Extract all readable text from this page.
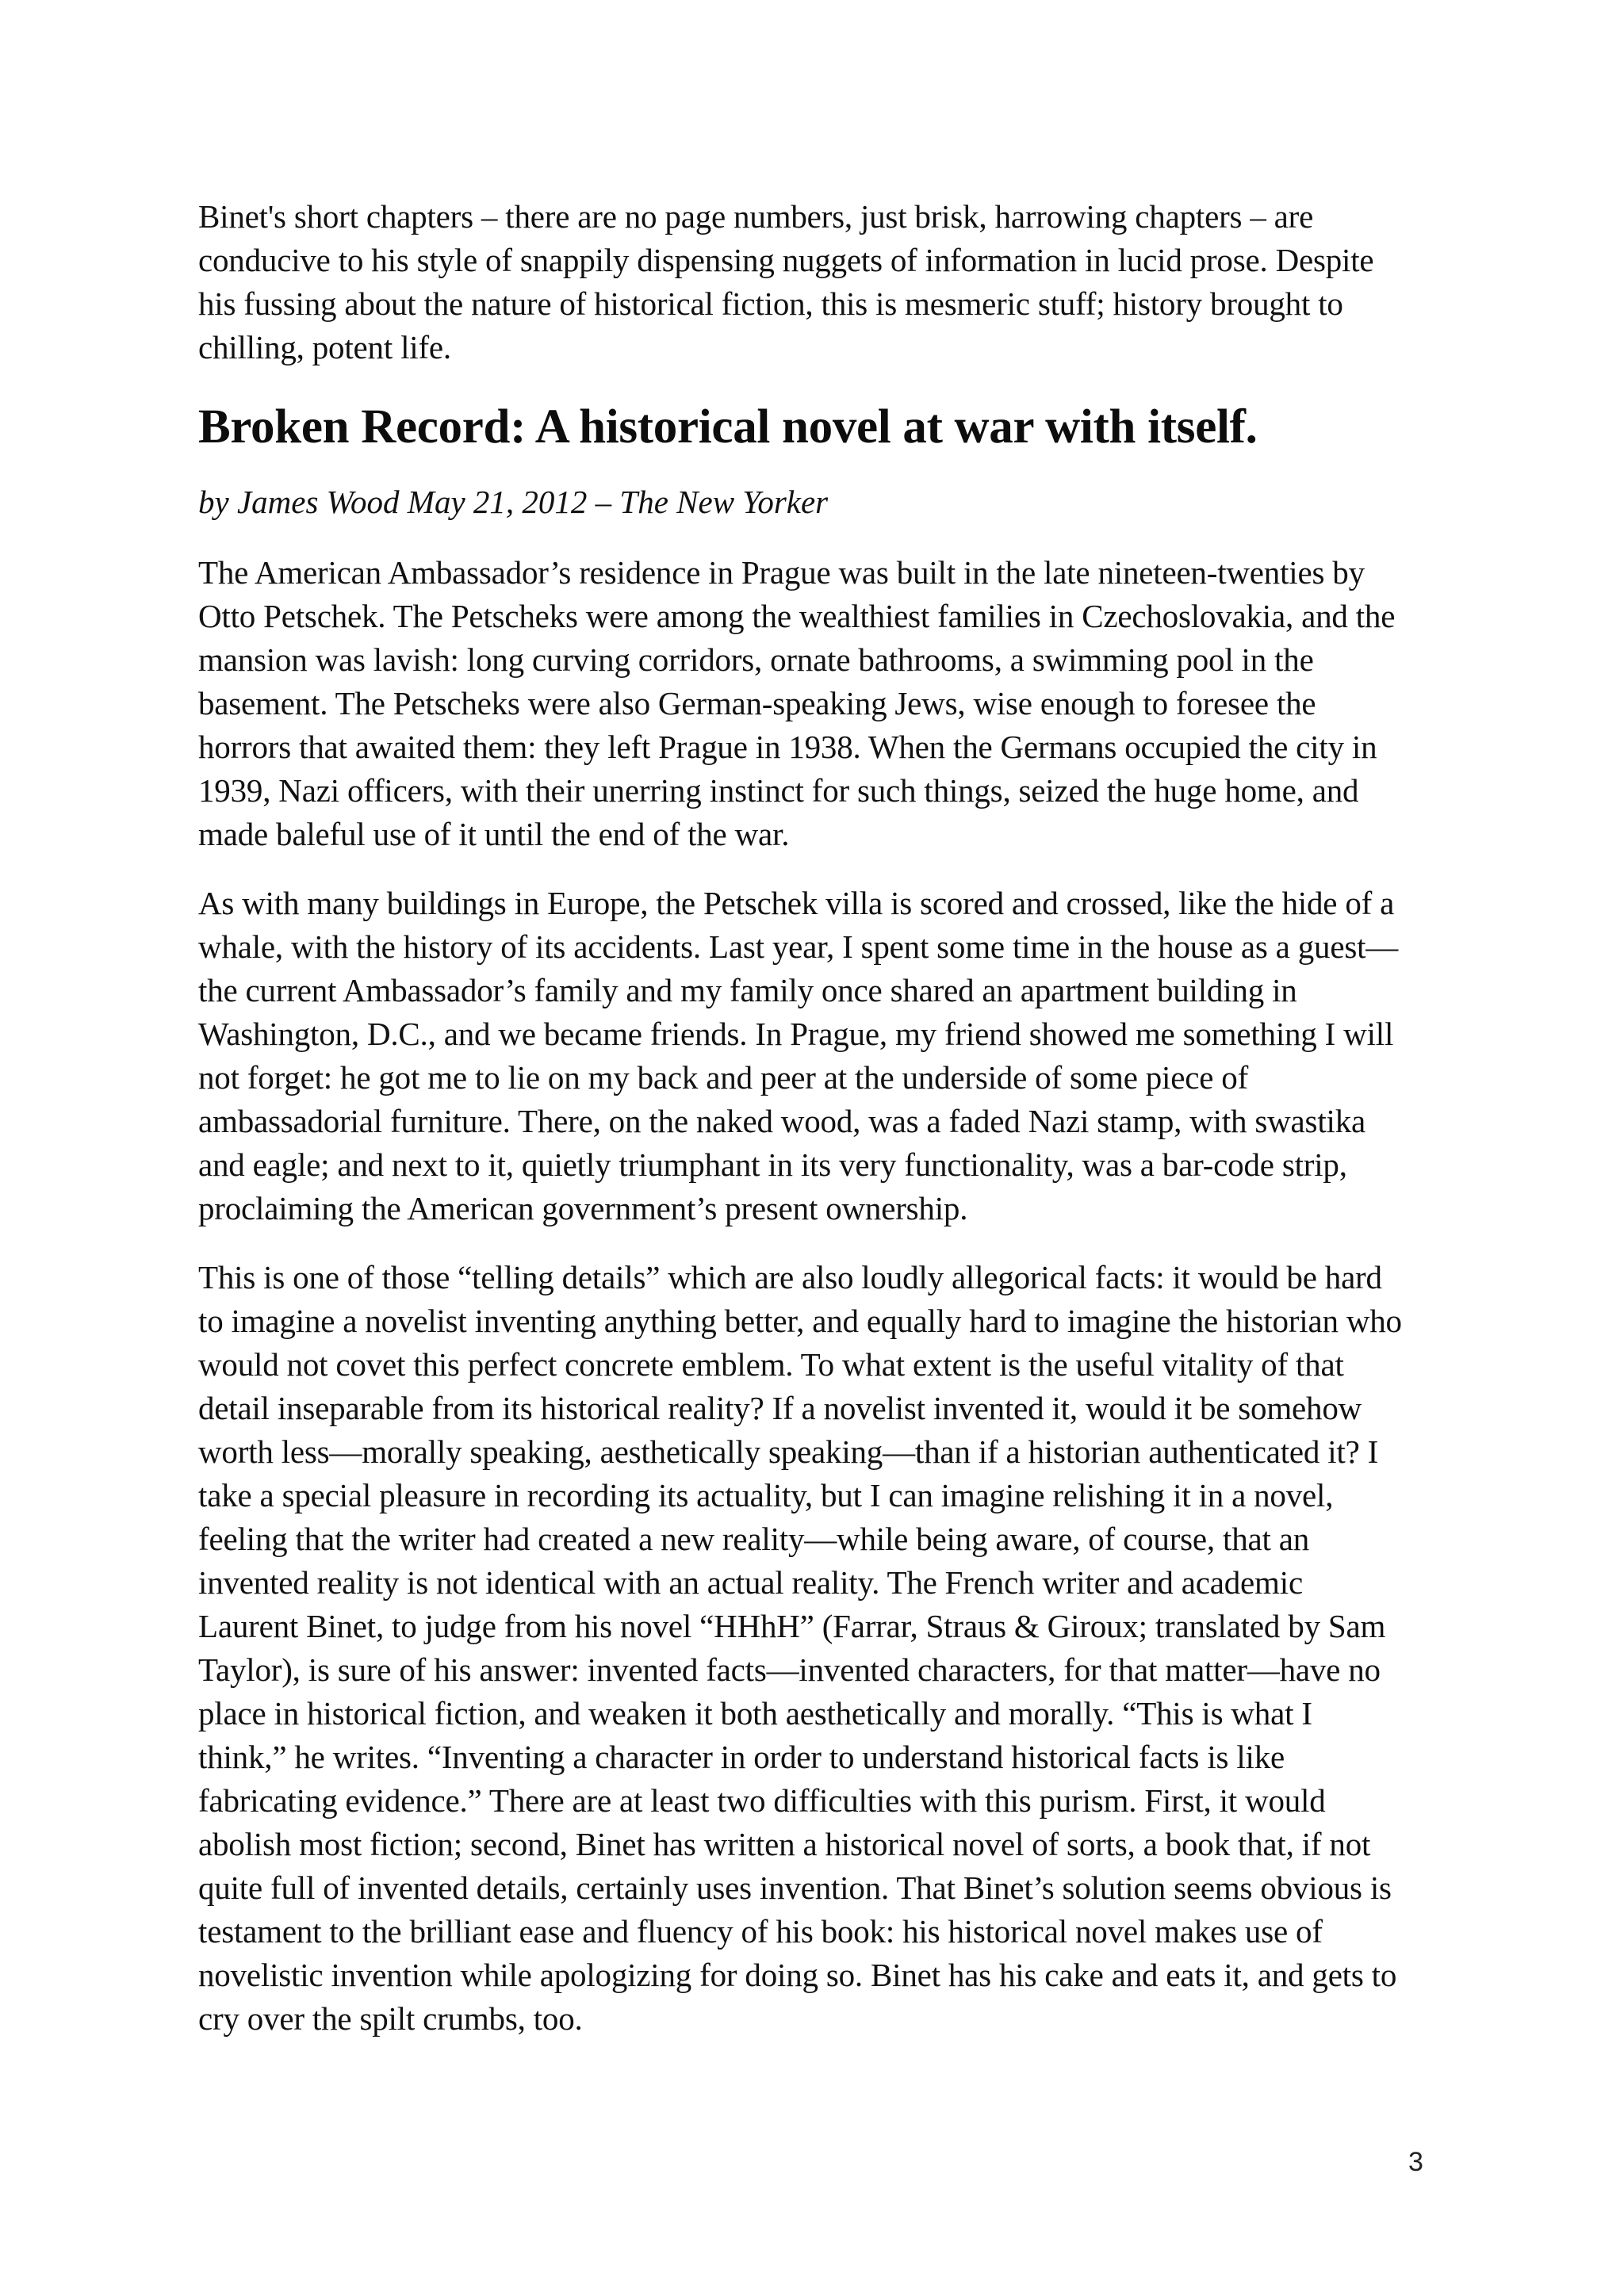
Binet's short chapters – there are no page numbers, just brisk, harrowing chapters – are
conducive to his style of snappily dispensing nuggets of information in lucid prose. Despite
his fussing about the nature of historical fiction, this is mesmeric stuff; history brought to
chilling, potent life.

Broken Record: A historical novel at war with itself.

by James Wood May 21, 2012 – The New Yorker

The American Ambassador’s residence in Prague was built in the late nineteen-twenties by
Otto Petschek. The Petscheks were among the wealthiest families in Czechoslovakia, and the
mansion was lavish: long curving corridors, ornate bathrooms, a swimming pool in the
basement. The Petscheks were also German-speaking Jews, wise enough to foresee the
horrors that awaited them: they left Prague in 1938. When the Germans occupied the city in
1939, Nazi officers, with their unerring instinct for such things, seized the huge home, and
made baleful use of it until the end of the war.

As with many buildings in Europe, the Petschek villa is scored and crossed, like the hide of a
whale, with the history of its accidents. Last year, I spent some time in the house as a guest—
the current Ambassador’s family and my family once shared an apartment building in
Washington, D.C., and we became friends. In Prague, my friend showed me something I will
not forget: he got me to lie on my back and peer at the underside of some piece of
ambassadorial furniture. There, on the naked wood, was a faded Nazi stamp, with swastika
and eagle; and next to it, quietly triumphant in its very functionality, was a bar-code strip,
proclaiming the American government’s present ownership.

This is one of those “telling details” which are also loudly allegorical facts: it would be hard
to imagine a novelist inventing anything better, and equally hard to imagine the historian who
would not covet this perfect concrete emblem. To what extent is the useful vitality of that
detail inseparable from its historical reality? If a novelist invented it, would it be somehow
worth less—morally speaking, aesthetically speaking—than if a historian authenticated it? I
take a special pleasure in recording its actuality, but I can imagine relishing it in a novel,
feeling that the writer had created a new reality—while being aware, of course, that an
invented reality is not identical with an actual reality. The French writer and academic
Laurent Binet, to judge from his novel “HHhH” (Farrar, Straus & Giroux; translated by Sam
Taylor), is sure of his answer: invented facts—invented characters, for that matter—have no
place in historical fiction, and weaken it both aesthetically and morally. “This is what I
think,” he writes. “Inventing a character in order to understand historical facts is like
fabricating evidence.” There are at least two difficulties with this purism. First, it would
abolish most fiction; second, Binet has written a historical novel of sorts, a book that, if not
quite full of invented details, certainly uses invention. That Binet’s solution seems obvious is
testament to the brilliant ease and fluency of his book: his historical novel makes use of
novelistic invention while apologizing for doing so. Binet has his cake and eats it, and gets to
cry over the spilt crumbs, too.

3
